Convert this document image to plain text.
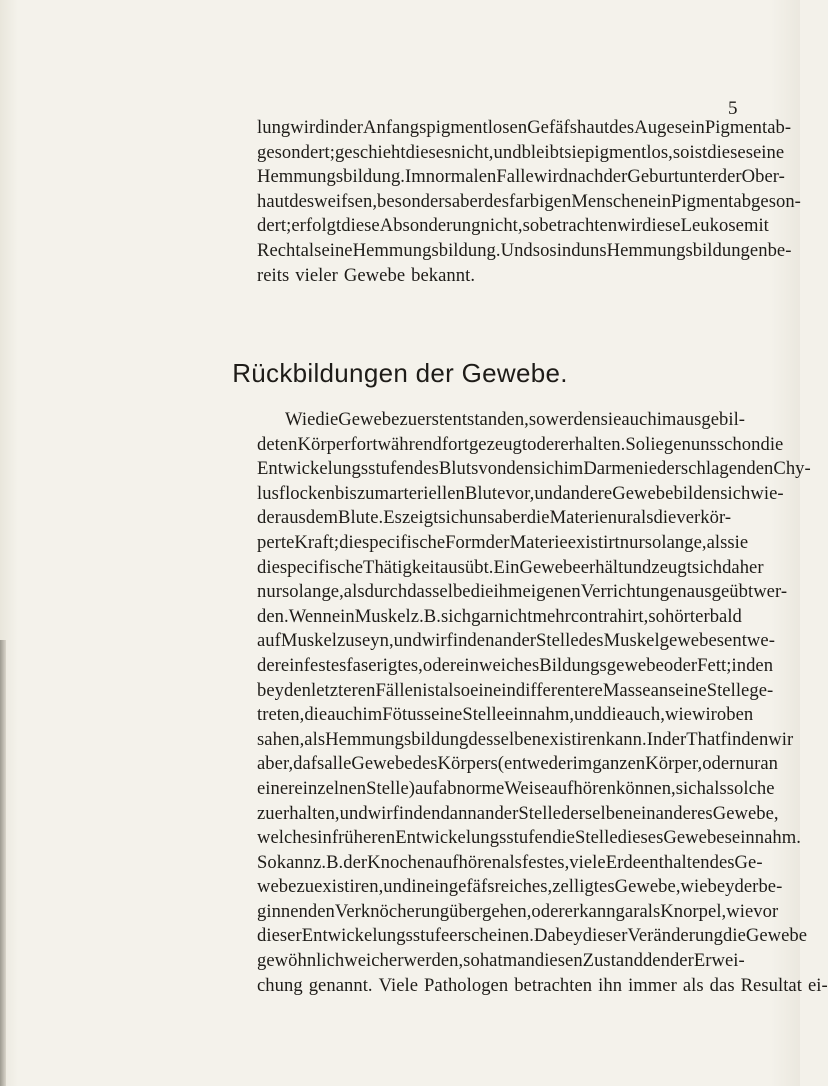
5
lung wird in der Anfangs pigmentlosen Gefäfshaut des Auges ein Pigment ab-
gesondert; geschieht dieses nicht, und bleibt sie pigmentlos, so ist dieses eine
Hemmungsbildung. Im normalen Falle wird nach der Geburt unter der Ober-
haut des weifsen, besonders aber des farbigen Menschen ein Pigment abgeson-
dert; erfolgt diese Absonderung nicht, so betrachten wir diese Leukose mit
Recht als eine Hemmungsbildung. Und so sind uns Hemmungsbildungen be-
reits vieler Gewebe bekannt.
Rückbildungen der Gewebe.
Wie die Gewebe zuerst entstanden, so werden sie auch im ausgebil-
deten Körper fortwährend fortgezeugt oder erhalten. So liegen uns schon die
Entwickelungsstufen des Bluts von den sich im Darme niederschlagenden Chy-
lusflocken bis zum arteriellen Blute vor, und andere Gewebe bilden sich wie-
der aus dem Blute. Es zeigt sich uns aber die Materie nur als die verkör-
perte Kraft; die specifische Form der Materie existirt nur so lange, als sie
die specifische Thätigkeit ausübt. Ein Gewebe erhält und zeugt sich daher
nur so lange, als durch dasselbe die ihm eigenen Verrichtungen ausgeübt wer-
den. Wenn ein Muskel z. B. sich gar nicht mehr contrahirt, so hört er bald
auf Muskel zu seyn, und wir finden an der Stelle des Muskelgewebes entwe-
der ein festes faserigtes, oder ein weiches Bildungsgewebe oder Fett; in den
beyden letzteren Fällen ist also eine indifferentere Masse an seine Stelle ge-
treten, die auch im Fötus seine Stelle einnahm, und die auch, wie wir oben
sahen, als Hemmungsbildung desselben existiren kann. In der That finden wir
aber, dafs alle Gewebe des Körpers (entweder im ganzen Körper, oder nur an
einer einzelnen Stelle) auf abnorme Weise aufhören können, sich als solche
zu erhalten, und wir finden dann an der Stelle derselben ein anderes Gewebe,
welches in früheren Entwickelungsstufen die Stelle dieses Gewebes einnahm.
So kann z. B. der Knochen aufhören als festes, viele Erde enthaltendes Ge-
webe zu existiren, und in ein gefäfsreiches, zelligtes Gewebe, wie bey der be-
ginnenden Verknöcherung übergehen, oder er kann gar als Knorpel, wie vor
dieser Entwickelungsstufe erscheinen. Da bey dieser Veränderung die Gewebe
gewöhnlich weicher werden, so hat man diesen Zustand den der Erwei-
chung genannt. Viele Pathologen betrachten ihn immer als das Resultat ei-
